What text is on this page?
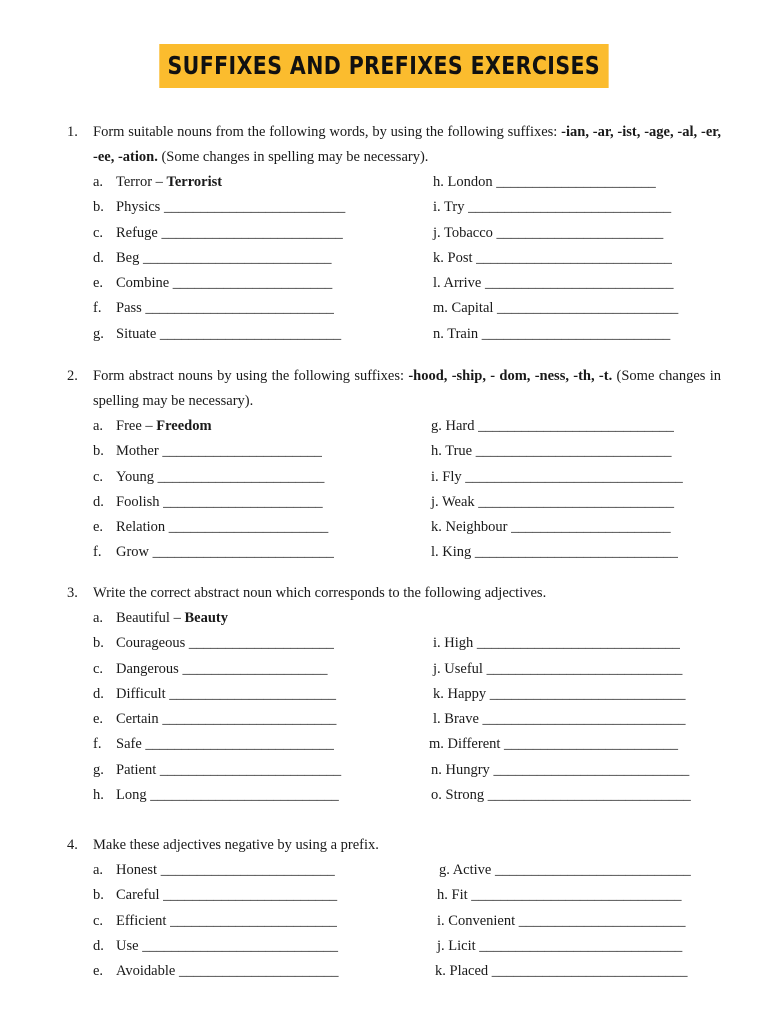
SUFFIXES AND PREFIXES EXERCISES
1. Form suitable nouns from the following words, by using the following suffixes: -ian, -ar, -ist, -age, -al, -er, -ee, -ation. (Some changes in spelling may be necessary).
a. Terror – Terrorist	h. London ______________________
b. Physics _________________________	i. Try ____________________________
c. Refuge _________________________	j. Tobacco _______________________
d. Beg __________________________	k. Post ___________________________
e. Combine ______________________	l. Arrive __________________________
f. Pass __________________________	m. Capital _________________________
g. Situate _________________________	n. Train __________________________
2. Form abstract nouns by using the following suffixes: -hood, -ship, - dom, -ness, -th, -t. (Some changes in spelling may be necessary).
a. Free – Freedom	g. Hard ___________________________
b. Mother ______________________	h. True ___________________________
c. Young _______________________	i. Fly ______________________________
d. Foolish ______________________	j. Weak ___________________________
e. Relation ______________________	k. Neighbour ______________________
f. Grow _________________________	l. King ____________________________
3. Write the correct abstract noun which corresponds to the following adjectives.
a. Beautiful – Beauty
b. Courageous ____________________	i. High ____________________________
c. Dangerous ____________________	j. Useful ___________________________
d. Difficult _______________________	k. Happy ___________________________
e. Certain ________________________	l. Brave ____________________________
f. Safe __________________________	m. Different ________________________
g. Patient _________________________	n. Hungry ___________________________
h. Long __________________________	o. Strong ____________________________
4. Make these adjectives negative by using a prefix.
a. Honest ________________________	g. Active ___________________________
b. Careful ________________________	h. Fit _____________________________
c. Efficient _______________________	i. Convenient _______________________
d. Use ___________________________	j. Licit ____________________________
e. Avoidable ______________________	k. Placed ___________________________
